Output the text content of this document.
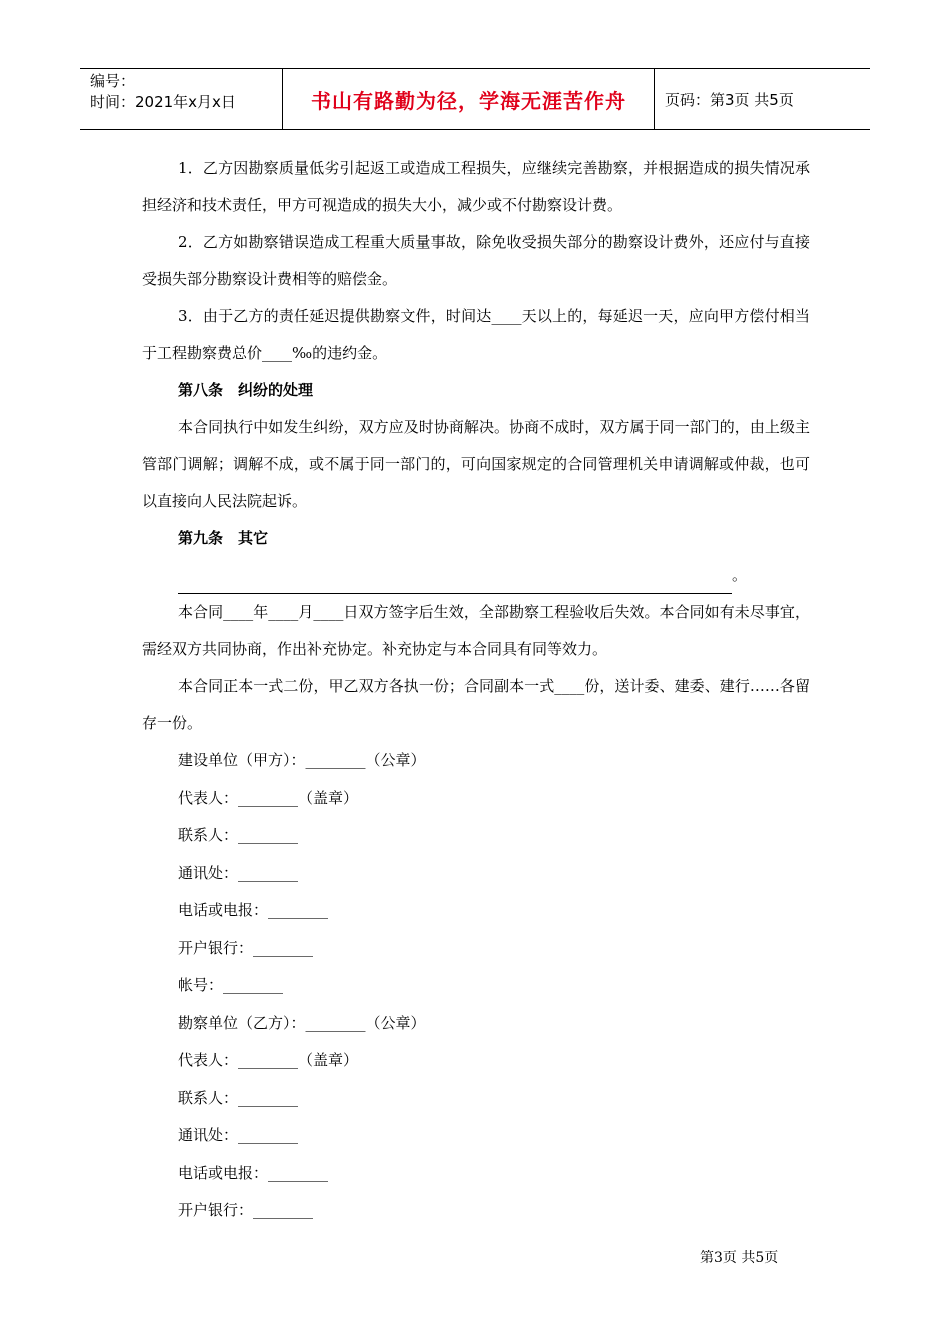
编号：
时间：2021年x月x日	书山有路勤为径，学海无涯苦作舟	页码：第3页 共5页

1．乙方因勘察质量低劣引起返工或造成工程损失，应继续完善勘察，并根据造成的损失情况承担经济和技术责任，甲方可视造成的损失大小，减少或不付勘察设计费。

2．乙方如勘察错误造成工程重大质量事故，除免收受损失部分的勘察设计费外，还应付与直接受损失部分勘察设计费相等的赔偿金。

3．由于乙方的责任延迟提供勘察文件，时间达____天以上的，每延迟一天，应向甲方偿付相当于工程勘察费总价____‰的违约金。

第八条　纠纷的处理

本合同执行中如发生纠纷，双方应及时协商解决。协商不成时，双方属于同一部门的，由上级主管部门调解；调解不成，或不属于同一部门的，可向国家规定的合同管理机关申请调解或仲裁，也可以直接向人民法院起诉。

第九条　其它

。

本合同____年____月____日双方签字后生效，全部勘察工程验收后失效。本合同如有未尽事宜，需经双方共同协商，作出补充协定。补充协定与本合同具有同等效力。

本合同正本一式二份，甲乙双方各执一份；合同副本一式____份，送计委、建委、建行……各留存一份。

建设单位（甲方）：________（公章）

代表人：________（盖章）

联系人：________

通讯处：________

电话或电报：________

开户银行：________

帐号：________

勘察单位（乙方）：________（公章）

代表人：________（盖章）

联系人：________

通讯处：________

电话或电报：________

开户银行：________

第3页 共5页
